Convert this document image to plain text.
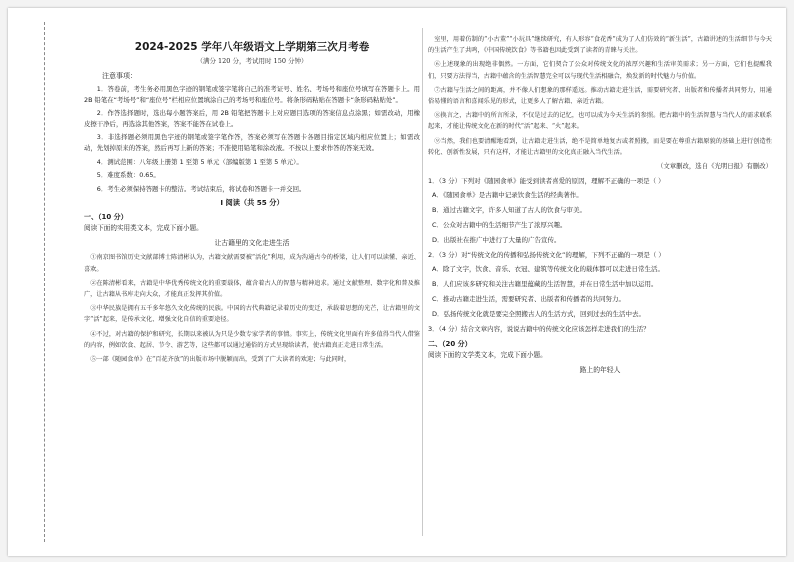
2024-2025 学年八年级语文上学期第三次月考卷

（满分 120 分，考试用时 150 分钟）

注意事项：

1．答卷前，考生务必用黑色字迹的钢笔或签字笔将自己的准考证号、姓名、考场号和座位号填写在答题卡上。用 2B 铅笔在“考场号”和“座位号”栏相应位置填涂自己的考场号和座位号。将条形码粘贴在答题卡“条形码粘贴处”。

2．作答选择题时，选出每小题答案后，用 2B 铅笔把答题卡上对应题目选项的答案信息点涂黑；如需改动，用橡皮擦干净后，再选涂其他答案，答案不能答在试卷上。

3．非选择题必须用黑色字迹的钢笔或签字笔作答，答案必须写在答题卡各题目指定区域内相应位置上；如需改动，先划掉原来的答案，然后再写上新的答案；不准使用铅笔和涂改液。不按以上要求作答的答案无效。

4．测试范围：八年级上册第 1 至第 5 单元（部编版第 1 至第 5 单元）。

5．难度系数：0.65。

6．考生必须保持答题卡的整洁。考试结束后，将试卷和答题卡一并交回。

Ⅰ 阅读（共 55 分）

一、（10 分）

阅读下面的实用类文本，完成下面小题。

让古籍里的文化走进生活

①南京图书馆历史文献部博士陈清彬认为，古籍文献需要被“活化”利用，成为沟通古今的桥梁，让人们可以读懂、亲近、喜欢。

②在陈清彬看来，古籍是中华优秀传统文化的重要载体，蕴含着古人的智慧与精神追求。通过文献整理、数字化和普及推广，让古籍从书库走向大众，才能真正发挥其价值。

③中华民族是拥有五千多年悠久文化传统的民族。中国的古代典籍记录着历史的变迁，承载着思想的光芒，让古籍里的文字“活”起来，是传承文化、增强文化自信的重要途径。

④不过，对古籍的保护和研究，长期以来被认为只是少数专家学者的事情。事实上，传统文化里面有许多值得当代人借鉴的内容，例如饮食、起居、节令、游艺等，这些都可以通过通俗的方式呈现给读者，使古籍真正走进日常生活。

⑤一部《随园食单》在“百花齐放”的出版市场中脱颖而出，受到了广大读者的欢迎；与此同时，

室里，用着仿制的“小古董”“小玩具”继续研究，有人形容“食花香”成为了人们仿效的“新生活”，古籍讲述的生活细节与今天的生活产生了共鸣，《中国传统饮食》等书籍也因此受到了读者的青睐与关注。

⑥上述现象的出现绝非偶然。一方面，它们契合了公众对传统文化的浓厚兴趣和生活审美需求；另一方面，它们也提醒我们，只要方法得当，古籍中蕴含的生活智慧完全可以与现代生活相融合，焕发新的时代魅力与价值。

⑦古籍与生活之间的距离，并不像人们想象的那样遥远。推动古籍走进生活，需要研究者、出版者和传播者共同努力，用通俗易懂的语言和喜闻乐见的形式，让更多人了解古籍、亲近古籍。

⑧换言之，古籍中的所言所录，不仅是过去的记忆，也可以成为今天生活的参照。把古籍中的生活智慧与当代人的需求联系起来，才能让传统文化在新的时代“活”起来、“火”起来。

⑨当然，我们也要清醒地看到，让古籍走进生活，绝不是简单地复古或者照搬，而是要在尊重古籍原貌的基础上进行创造性转化、创新性发展，只有这样，才能让古籍里的文化真正融入当代生活。

（文章删改，选自《光明日报》有删改）

1．（3 分）下列对《随园食单》能受到读者喜爱的原因，理解不正确的一项是（ ）

A．《随园食单》是古籍中记录饮食生活的经典著作。

B．通过古籍文字，许多人知道了古人的饮食与审美。

C．公众对古籍中的生活细节产生了浓厚兴趣。

D．出版社在推广中进行了大量的广告宣传。

2．（3 分）对“传统文化的传播和弘扬传统文化”的理解，下列不正确的一项是（ ）

A．除了文字，饮食、音乐、衣冠、建筑等传统文化的载体都可以走进日常生活。

B．人们应该多研究和关注古籍里蕴藏的生活智慧，并在日常生活中加以运用。

C．推动古籍走进生活，需要研究者、出版者和传播者的共同努力。

D．弘扬传统文化就是要完全照搬古人的生活方式，回到过去的生活中去。

3．（4 分）结合文章内容，说说古籍中的传统文化应该怎样走进我们的生活？

二、（20 分）

阅读下面的文学类文本，完成下面小题。

路上的年轻人
